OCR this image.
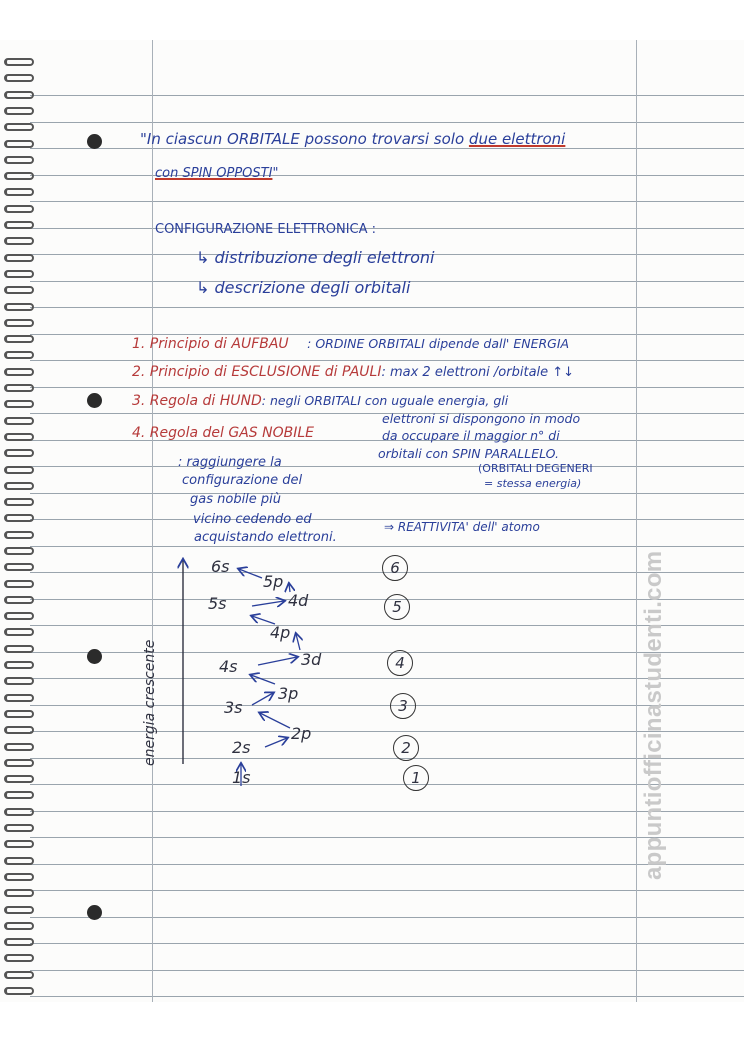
appuntiofficinastudenti.com
"In ciascun ORBITALE possono trovarsi solo due elettroni
con SPIN OPPOSTI"
CONFIGURAZIONE ELETTRONICA :
↳ distribuzione degli elettroni
↳ descrizione degli orbitali
1. Principio di AUFBAU : ORDINE ORBITALI dipende dall' ENERGIA
2. Principio di ESCLUSIONE di PAULI: max 2 elettroni /orbitale ↑↓
3. Regola di HUND: negli ORBITALI con uguale energia, gli
elettroni si dispongono in modo
da occupare il maggior n° di
orbitali con SPIN PARALLELO.
(ORBITALI DEGENERI
= stessa energia)
4. Regola del GAS NOBILE
: raggiungere la
configurazione del
gas nobile più
vicino cedendo ed
acquistando elettroni.
⇒ REATTIVITA' dell' atomo
energia crescente
6s
5p
5s	4d
4p
4s	3d
3s
3p
2s
2p
1s
6
5
4
3
2
1
